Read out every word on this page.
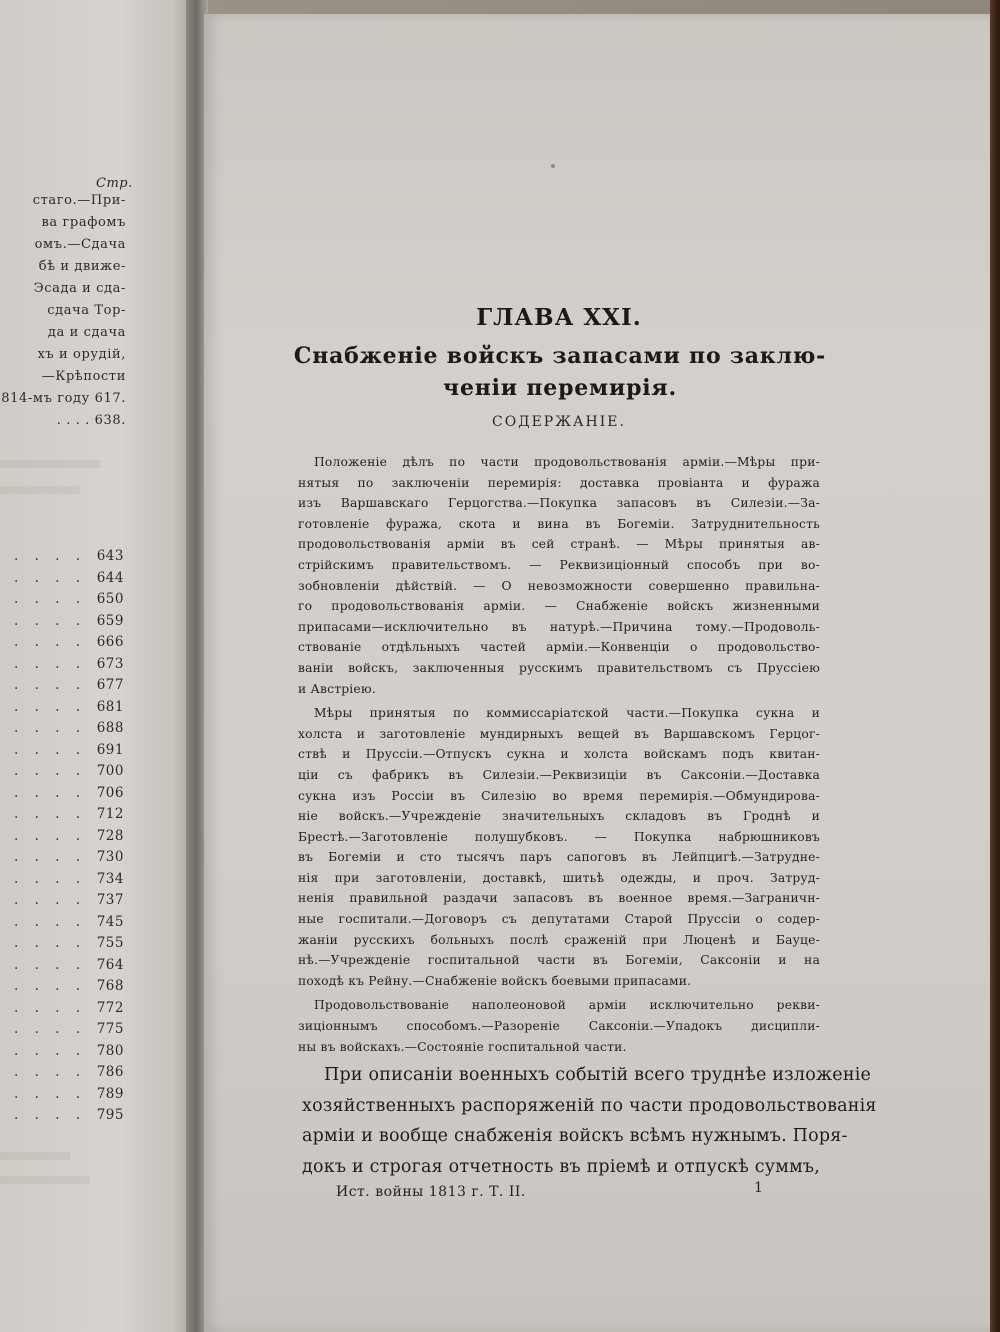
Стр.
стаго.—При-
ва графомъ
омъ.—Сдача
бѣ и движе-
Эсада и сда-
сдача Тор-
да и сдача
хъ и орудій,
—Крѣпости
814-мъ году 617.
. . . . 638.
. . . . 643
. . . . 644
. . . . 650
. . . . 659
. . . . 666
. . . . 673
. . . . 677
. . . . 681
. . . . 688
. . . . 691
. . . . 700
. . . . 706
. . . . 712
. . . . 728
. . . . 730
. . . . 734
. . . . 737
. . . . 745
. . . . 755
. . . . 764
. . . . 768
. . . . 772
. . . . 775
. . . . 780
. . . . 786
. . . . 789
. . . . 795
ГЛАВА XXI.
Снабженіе войскъ запасами по заклю-
ченіи перемирія.
СОДЕРЖАНІЕ.
Положеніе дѣлъ по части продовольствованія арміи.—Мѣры при-
нятыя по заключеніи перемирія: доставка провіанта и фуража
изъ Варшавскаго Герцогства.—Покупка запасовъ въ Силезіи.—За-
готовленіе фуража, скота и вина въ Богеміи. Затруднительность
продовольствованія арміи въ сей странѣ. — Мѣры принятыя ав-
стрійскимъ правительствомъ. — Реквизиціонный способъ при во-
зобновленіи дѣйствій. — О невозможности совершенно правильна-
го продовольствованія арміи. — Снабженіе войскъ жизненными
припасами—исключительно въ натурѣ.—Причина тому.—Продоволь-
ствованіе отдѣльныхъ частей арміи.—Конвенціи о продовольство-
ваніи войскъ, заключенныя русскимъ правительствомъ съ Пруссіею
и Австріею.
Мѣры принятыя по коммиссаріатской части.—Покупка сукна и
холста и заготовленіе мундирныхъ вещей въ Варшавскомъ Герцог-
ствѣ и Пруссіи.—Отпускъ сукна и холста войскамъ подъ квитан-
ціи съ фабрикъ въ Силезіи.—Реквизиціи въ Саксоніи.—Доставка
сукна изъ Россіи въ Силезію во время перемирія.—Обмундирова-
ніе войскъ.—Учрежденіе значительныхъ складовъ въ Гроднѣ и
Брестѣ.—Заготовленіе полушубковъ. — Покупка набрюшниковъ
въ Богеміи и сто тысячъ паръ сапоговъ въ Лейпцигѣ.—Затрудне-
нія при заготовленіи, доставкѣ, шитьѣ одежды, и проч. Затруд-
ненія правильной раздачи запасовъ въ военное время.—Заграничн-
ные госпитали.—Договоръ съ депутатами Старой Пруссіи о содер-
жаніи русскихъ больныхъ послѣ сраженій при Люценѣ и Бауце-
нѣ.—Учрежденіе госпитальной части въ Богеміи, Саксоніи и на
походѣ къ Рейну.—Снабженіе войскъ боевыми припасами.
Продовольствованіе наполеоновой арміи исключительно рекви-
зиціоннымъ способомъ.—Разореніе Саксоніи.—Упадокъ дисципли-
ны въ войскахъ.—Состояніе госпитальной части.
При описаніи военныхъ событій всего труднѣе изложеніе
хозяйственныхъ распоряженій по части продовольствованія
арміи и вообще снабженія войскъ всѣмъ нужнымъ. Поря-
докъ и строгая отчетность въ пріемѣ и отпускѣ суммъ,
Ист. войны 1813 г. Т. II.	1
